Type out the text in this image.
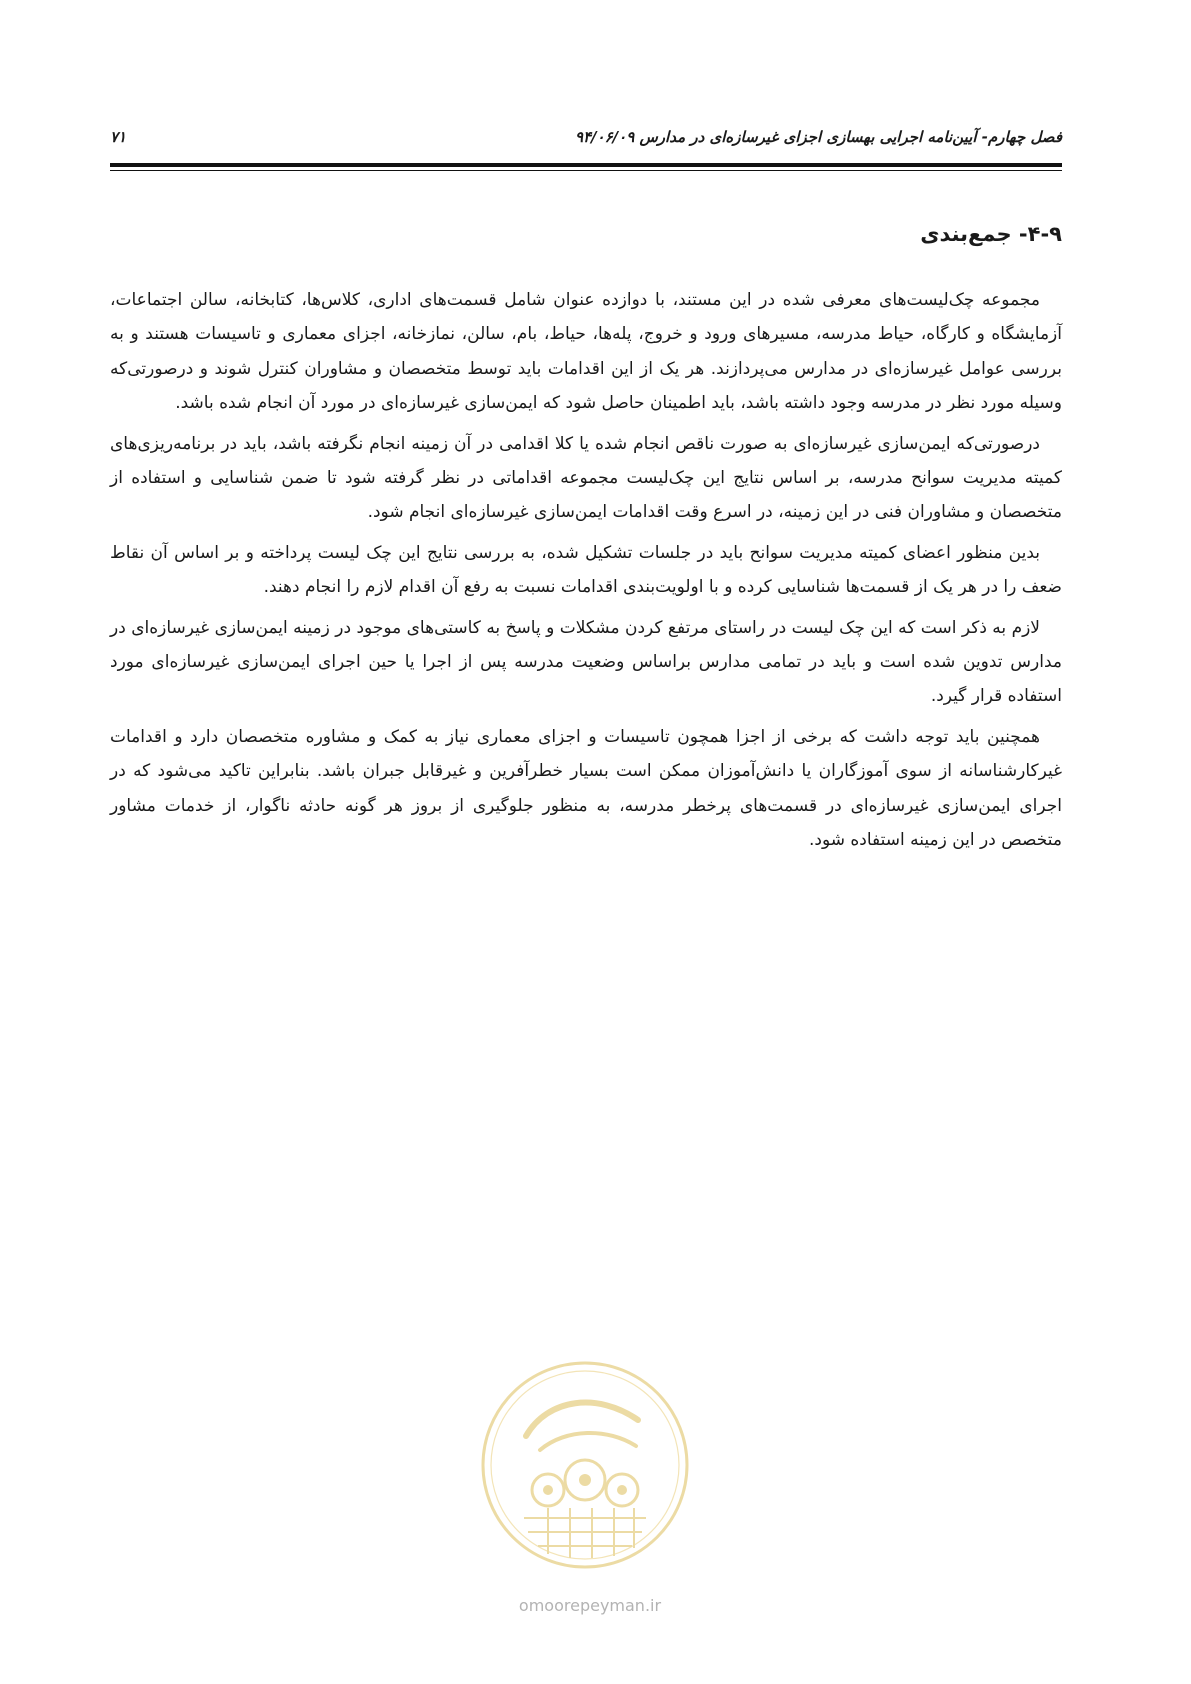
فصل چهارم- آیین‌نامه اجرایی بهسازی اجزای غیرسازه‌ای در مدارس ۹۴/۰۶/۰۹
۷۱
۴-۹- جمع‌بندی

مجموعه چک‌لیست‌های معرفی شده در این مستند، با دوازده عنوان شامل قسمت‌های اداری، کلاس‌ها، کتابخانه، سالن اجتماعات، آزمایشگاه و کارگاه، حیاط مدرسه، مسیرهای ورود و خروج، پله‌ها، حیاط، بام، سالن، نمازخانه، اجزای معماری و تاسیسات هستند و به بررسی عوامل غیرسازه‌ای در مدارس می‌پردازند. هر یک از این اقدامات باید توسط متخصصان و مشاوران کنترل شوند و درصورتی‌که وسیله مورد نظر در مدرسه وجود داشته باشد، باید اطمینان حاصل شود که ایمن‌سازی غیرسازه‌ای در مورد آن انجام شده باشد.

درصورتی‌که ایمن‌سازی غیرسازه‌ای به صورت ناقص انجام شده یا کلا اقدامی در آن زمینه انجام نگرفته باشد، باید در برنامه‌ریزی‌های کمیته مدیریت سوانح مدرسه، بر اساس نتایج این چک‌لیست مجموعه اقداماتی در نظر گرفته شود تا ضمن شناسایی و استفاده از متخصصان و مشاوران فنی در این زمینه، در اسرع وقت اقدامات ایمن‌سازی غیرسازه‌ای انجام شود.

بدین منظور اعضای کمیته مدیریت سوانح باید در جلسات تشکیل شده، به بررسی نتایج این چک لیست پرداخته و بر اساس آن نقاط ضعف را در هر یک از قسمت‌ها شناسایی کرده و با اولویت‌بندی اقدامات نسبت به رفع آن اقدام لازم را انجام دهند.

لازم به ذکر است که این چک لیست در راستای مرتفع کردن مشکلات و پاسخ به کاستی‌های موجود در زمینه ایمن‌سازی غیرسازه‌ای در مدارس تدوین شده است و باید در تمامی مدارس براساس وضعیت مدرسه پس از اجرا یا حین اجرای ایمن‌سازی غیرسازه‌ای مورد استفاده قرار گیرد.

همچنین باید توجه داشت که برخی از اجزا همچون تاسیسات و اجزای معماری نیاز به کمک و مشاوره متخصصان دارد و اقدامات غیرکارشناسانه از سوی آموزگاران یا دانش‌آموزان ممکن است بسیار خطرآفرین و غیرقابل جبران باشد. بنابراین تاکید می‌شود که در اجرای ایمن‌سازی غیرسازه‌ای در قسمت‌های پرخطر مدرسه، به منظور جلوگیری از بروز هر گونه حادثه ناگوار، از خدمات مشاور متخصص در این زمینه استفاده شود.

omoorepeyman.ir
